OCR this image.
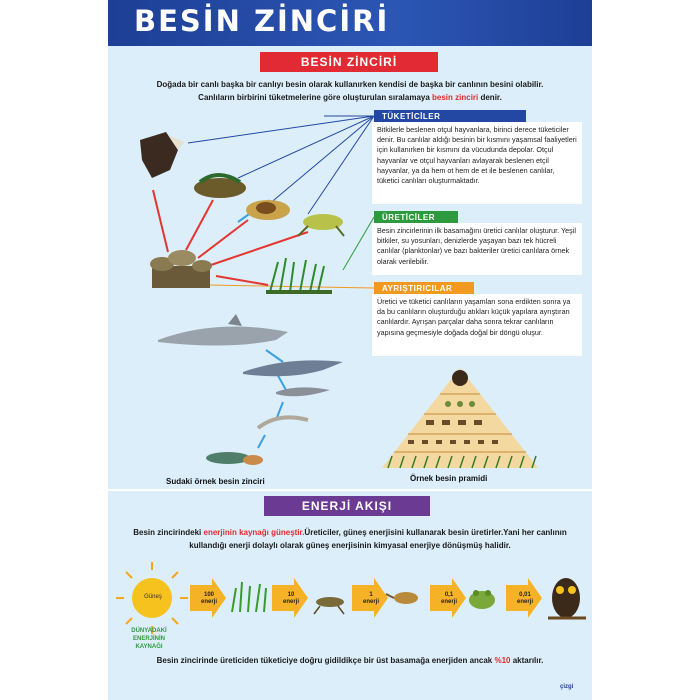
BESİN ZİNCİRİ
BESİN ZİNCİRİ
Doğada bir canlı başka bir canlıyı besin olarak kullanırken kendisi de başka bir canlının besini olabilir.
Canlıların birbirini tüketmelerine göre oluşturulan sıralamaya besin zinciri denir.
TÜKETİCİLER
Bitkilerle beslenen otçul hayvanlara, birinci derece tüketiciler denir. Bu canlılar aldığı besinin bir kısmını yaşamsal faaliyetleri için kullanırken bir kısmını da vücudunda depolar. Otçul hayvanlar ve otçul hayvanları avlayarak beslenen etçil hayvanlar, ya da hem ot hem de et ile beslenen canlılar, tüketici canlıları oluşturmaktadır.
ÜRETİCİLER
Besin zincirlerinin ilk basamağını üretici canlılar oluşturur. Yeşil bitkiler, su yosunları, denizlerde yaşayan bazı tek hücreli canlılar (planktonlar) ve bazı bakteriler üretici canlılara örnek olarak verilebilir.
AYRIŞTIRICILAR
Üretici ve tüketici canlıların yaşamları sona erdikten sonra ya da bu canlıların oluşturduğu atıkları küçük yapılara ayrıştıran canlılardır. Ayrışan parçalar daha sonra tekrar canlıların yapısına geçmesiyle doğada doğal bir döngü oluşur.
Sudaki örnek besin zinciri	Örnek besin pramidi
ENERJİ AKIŞI
Besin zincirindeki enerjinin kaynağı güneştir.Üreticiler, güneş enerjisini kullanarak besin üretirler.Yani her canlının kullandığı enerji dolaylı olarak güneş enerjisinin kimyasal enerjiye dönüşmüş halidir.
Güneş
DÜNYADAKİ ENERJİNİN KAYNAĞI
100
enerji
10
enerji
1
enerji
0,1
enerji
0,01
enerji
Besin zincirinde üreticiden tüketiciye doğru gidildikçe bir üst basamağa enerjiden ancak %10 aktarılır.
çizgi
